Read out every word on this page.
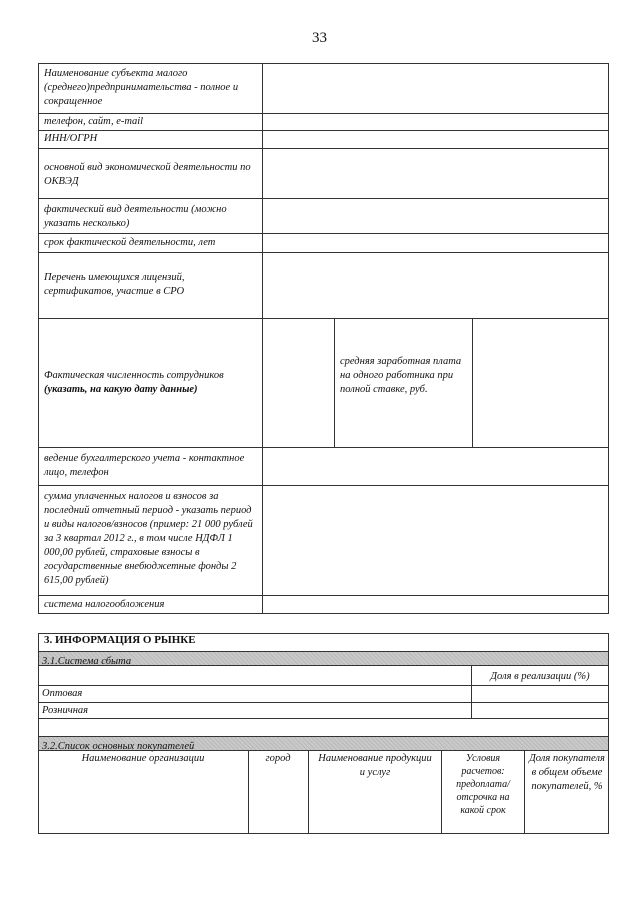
33
Наименование субъекта малого (среднего)предпринимательства - полное и сокращенное
телефон, сайт, e-mail
ИНН/ОГРН
основной вид экономической деятельности по ОКВЭД
фактический вид деятельности (можно указать несколько)
срок фактической деятельности, лет
Перечень имеющихся лицензий, сертификатов, участие в СРО
Фактическая численность сотрудников (указать, на какую дату данные)
средняя заработная плата на одного работника при полной ставке, руб.
ведение бухгалтерского учета - контактное лицо, телефон
сумма уплаченных налогов и взносов за последний отчетный период - указать период и виды налогов/взносов (пример: 21 000 рублей за 3 квартал 2012 г., в том числе НДФЛ 1 000,00 рублей, страховые взносы в государственные внебюджетные фонды 2 615,00 рублей)
система налогообложения
3. ИНФОРМАЦИЯ О РЫНКЕ
3.1.Система сбыта
Доля в реализации (%)
Оптовая
Розничная
3.2.Список основных покупателей
Наименование организации	город	Наименование продукции и услуг
Условия расчетов: предоплата/ отсрочка на какой срок
Доля покупателя в общем объеме покупателей, %
